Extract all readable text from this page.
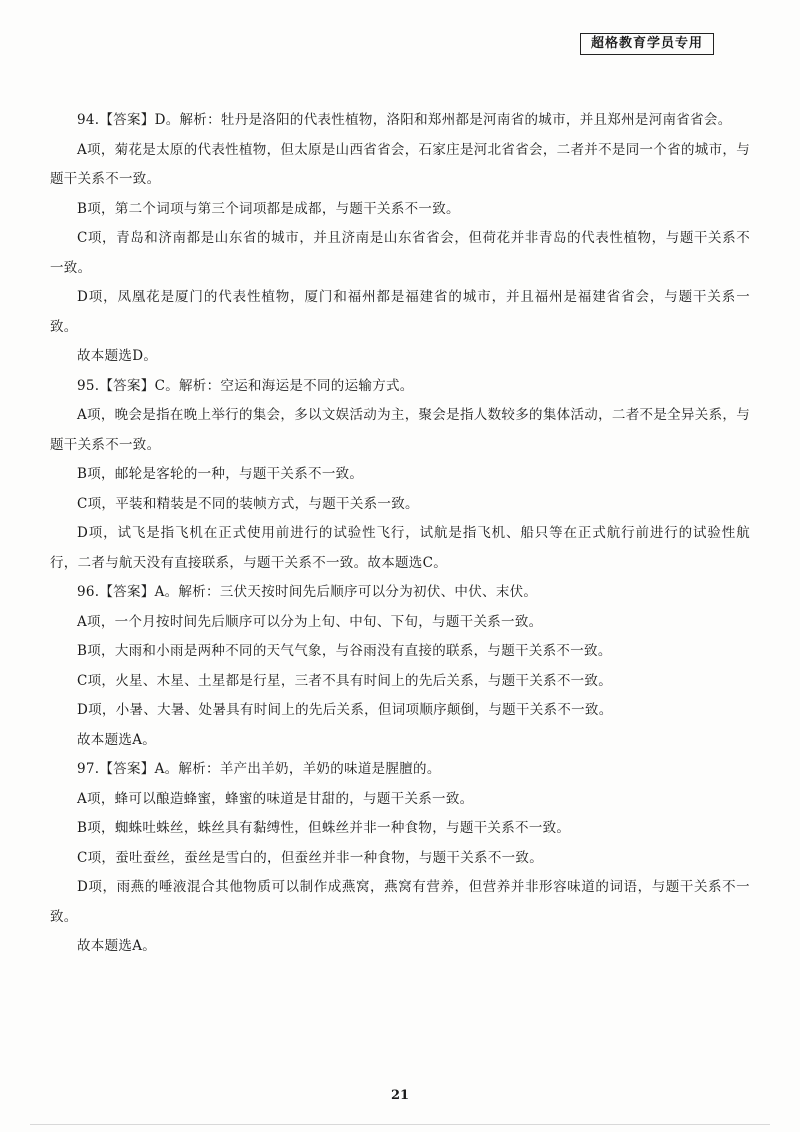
超格教育学员专用

94.【答案】D。解析：牡丹是洛阳的代表性植物，洛阳和郑州都是河南省的城市，并且郑州是河南省省会。

A项，菊花是太原的代表性植物，但太原是山西省省会，石家庄是河北省省会，二者并不是同一个省的城市，与题干关系不一致。

B项，第二个词项与第三个词项都是成都，与题干关系不一致。

C项，青岛和济南都是山东省的城市，并且济南是山东省省会，但荷花并非青岛的代表性植物，与题干关系不一致。

D项，凤凰花是厦门的代表性植物，厦门和福州都是福建省的城市，并且福州是福建省省会，与题干关系一致。

故本题选D。

95.【答案】C。解析：空运和海运是不同的运输方式。

A项，晚会是指在晚上举行的集会，多以文娱活动为主，聚会是指人数较多的集体活动，二者不是全异关系，与题干关系不一致。

B项，邮轮是客轮的一种，与题干关系不一致。

C项，平装和精装是不同的装帧方式，与题干关系一致。

D项，试飞是指飞机在正式使用前进行的试验性飞行，试航是指飞机、船只等在正式航行前进行的试验性航行，二者与航天没有直接联系，与题干关系不一致。故本题选C。

96.【答案】A。解析：三伏天按时间先后顺序可以分为初伏、中伏、末伏。

A项，一个月按时间先后顺序可以分为上旬、中旬、下旬，与题干关系一致。

B项，大雨和小雨是两种不同的天气气象，与谷雨没有直接的联系，与题干关系不一致。

C项，火星、木星、土星都是行星，三者不具有时间上的先后关系，与题干关系不一致。

D项，小暑、大暑、处暑具有时间上的先后关系，但词项顺序颠倒，与题干关系不一致。

故本题选A。

97.【答案】A。解析：羊产出羊奶，羊奶的味道是腥膻的。

A项，蜂可以酿造蜂蜜，蜂蜜的味道是甘甜的，与题干关系一致。

B项，蜘蛛吐蛛丝，蛛丝具有黏缚性，但蛛丝并非一种食物，与题干关系不一致。

C项，蚕吐蚕丝，蚕丝是雪白的，但蚕丝并非一种食物，与题干关系不一致。

D项，雨燕的唾液混合其他物质可以制作成燕窝，燕窝有营养，但营养并非形容味道的词语，与题干关系不一致。

故本题选A。

21
